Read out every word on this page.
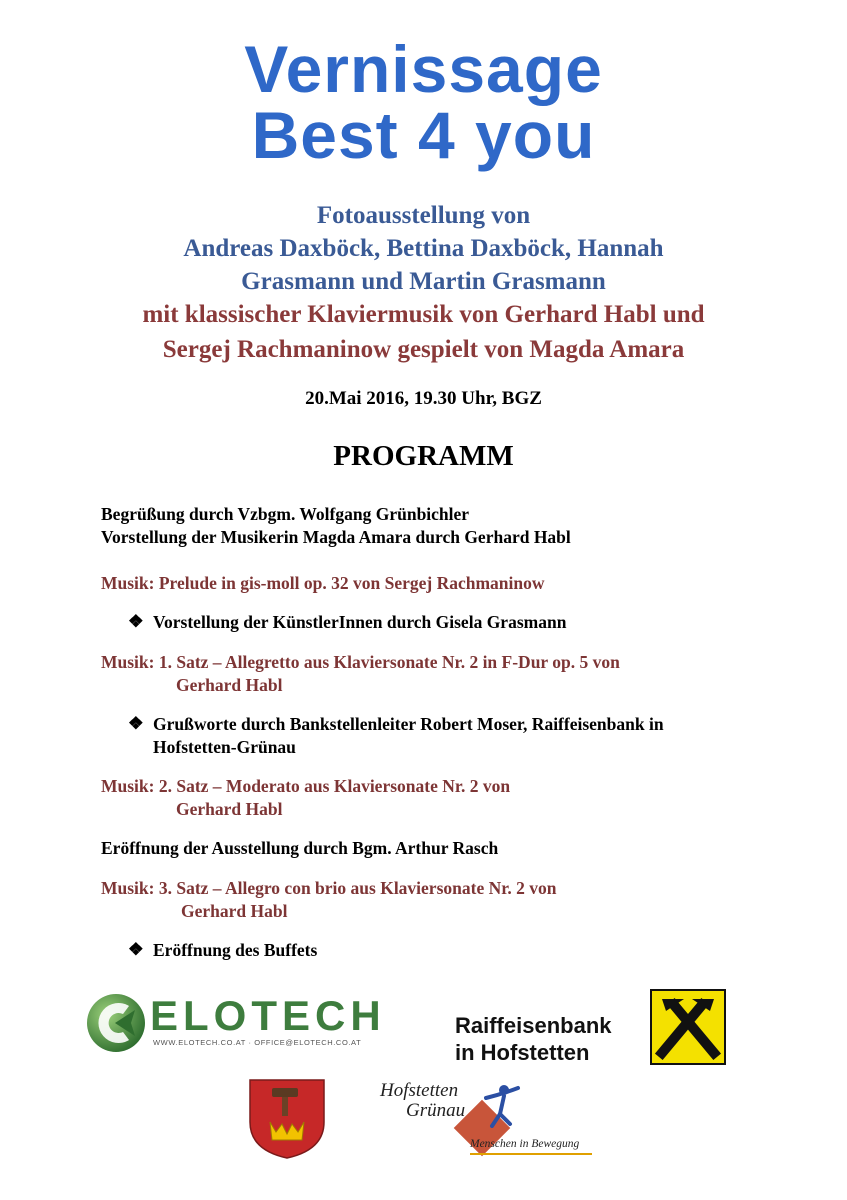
Vernissage
Best 4 you
Fotoausstellung von
Andreas Daxböck, Bettina Daxböck, Hannah
Grasmann und Martin Grasmann
mit klassischer Klaviermusik von Gerhard Habl und
Sergej Rachmaninow gespielt von Magda Amara
20.Mai 2016, 19.30 Uhr, BGZ
PROGRAMM
Begrüßung durch Vzbgm. Wolfgang Grünbichler
Vorstellung der Musikerin Magda Amara durch Gerhard Habl
Musik: Prelude in gis-moll op. 32 von Sergej Rachmaninow
❖ Vorstellung der KünstlerInnen durch Gisela Grasmann
Musik: 1. Satz – Allegretto aus Klaviersonate Nr. 2 in F-Dur op. 5 von
Gerhard Habl
❖ Grußworte durch Bankstellenleiter Robert Moser, Raiffeisenbank in
Hofstetten-Grünau
Musik: 2. Satz – Moderato aus Klaviersonate Nr. 2 von
Gerhard Habl
Eröffnung der Ausstellung durch Bgm. Arthur Rasch
Musik: 3. Satz – Allegro con brio aus Klaviersonate Nr. 2 von
Gerhard Habl
❖ Eröffnung des Buffets
ELOTECH
WWW.ELOTECH.CO.AT · OFFICE@ELOTECH.CO.AT
Raiffeisenbank
in Hofstetten
Hofstetten
Grünau
Menschen in Bewegung
